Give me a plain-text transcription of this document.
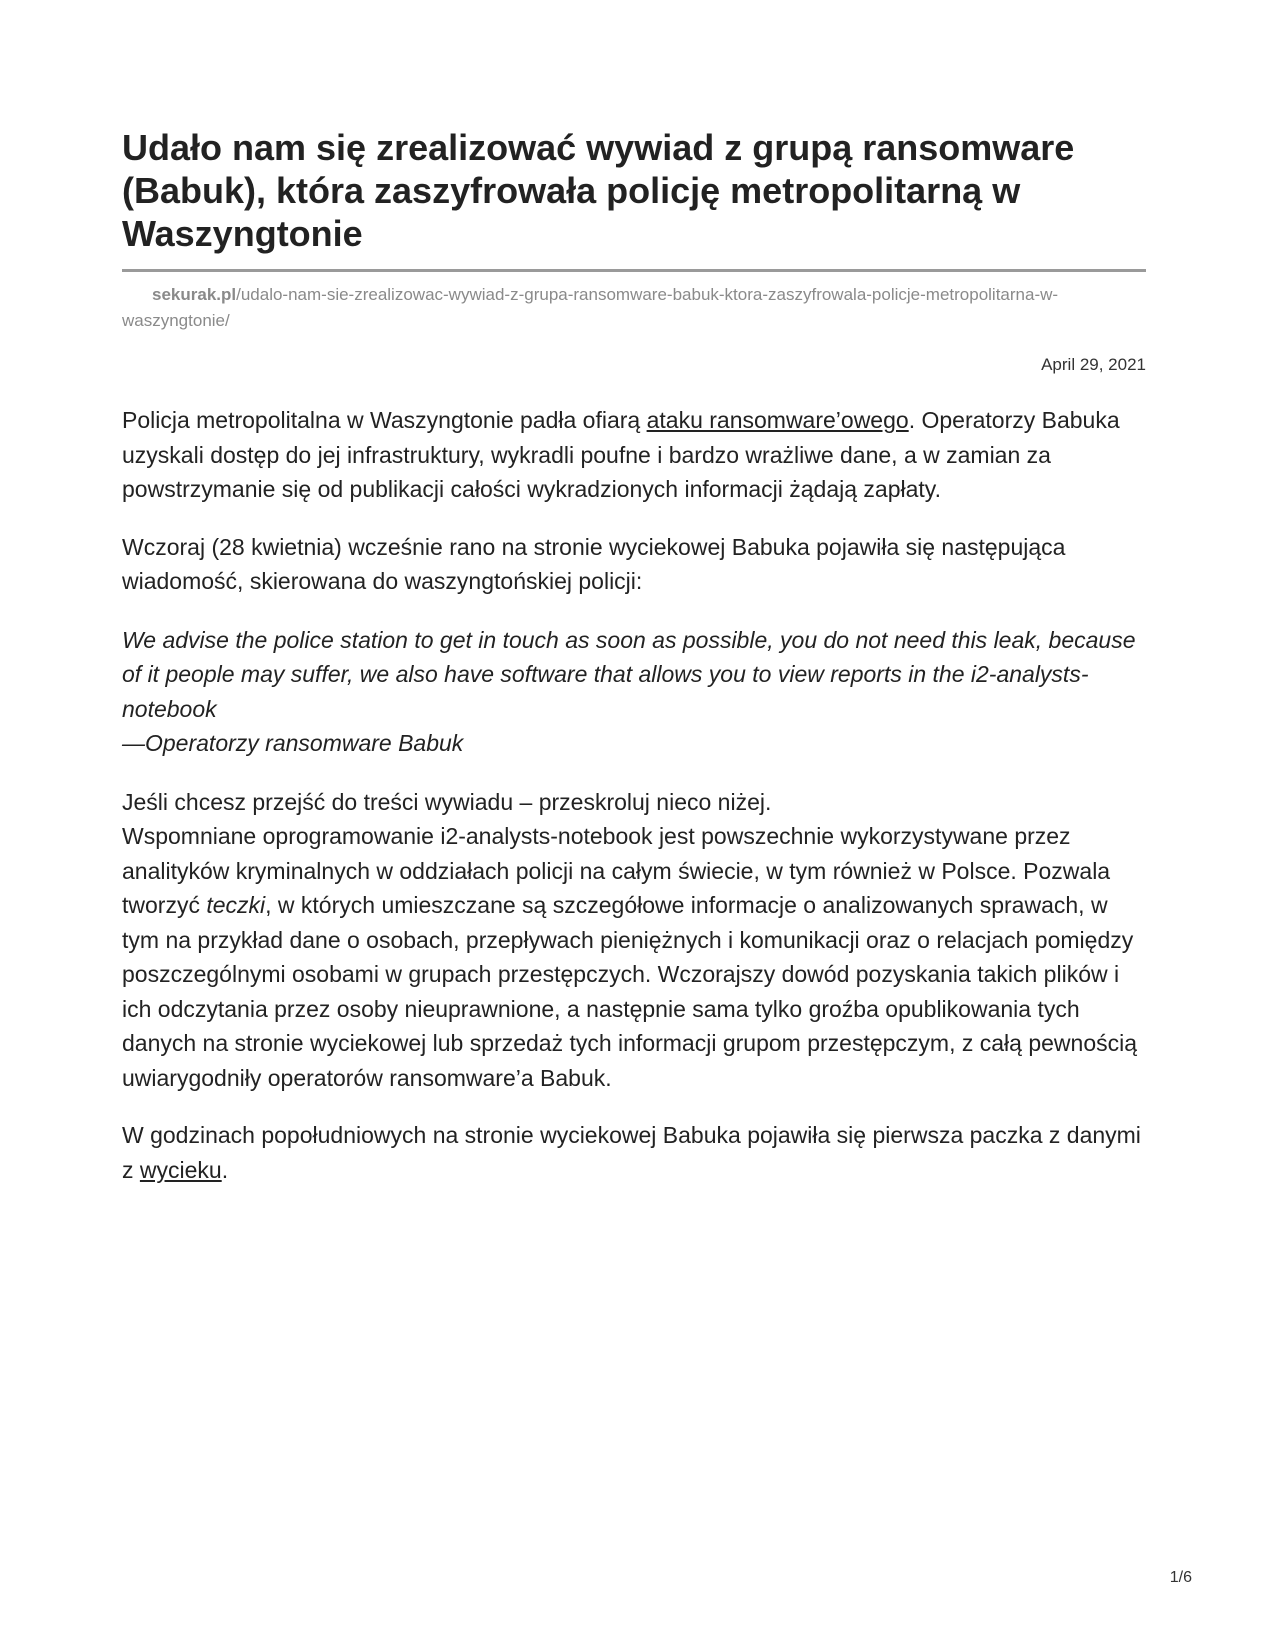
Udało nam się zrealizować wywiad z grupą ransomware (Babuk), która zaszyfrowała policję metropolitarną w Waszyngtonie
sekurak.pl/udalo-nam-sie-zrealizowac-wywiad-z-grupa-ransomware-babuk-ktora-zaszyfrowala-policje-metropolitarna-w-waszyngtonie/
April 29, 2021

Policja metropolitalna w Waszyngtonie padła ofiarą ataku ransomware’owego. Operatorzy Babuka uzyskali dostęp do jej infrastruktury, wykradli poufne i bardzo wrażliwe dane, a w zamian za powstrzymanie się od publikacji całości wykradzionych informacji żądają zapłaty.

Wczoraj (28 kwietnia) wcześnie rano na stronie wyciekowej Babuka pojawiła się następująca wiadomość, skierowana do waszyngtońskiej policji:

We advise the police station to get in touch as soon as possible, you do not need this leak, because of it people may suffer, we also have software that allows you to view reports in the i2-analysts-notebook
—Operatorzy ransomware Babuk

Jeśli chcesz przejść do treści wywiadu – przeskroluj nieco niżej.
Wspomniane oprogramowanie i2-analysts-notebook jest powszechnie wykorzystywane przez analityków kryminalnych w oddziałach policji na całym świecie, w tym również w Polsce. Pozwala tworzyć teczki, w których umieszczane są szczegółowe informacje o analizowanych sprawach, w tym na przykład dane o osobach, przepływach pieniężnych i komunikacji oraz o relacjach pomiędzy poszczególnymi osobami w grupach przestępczych. Wczorajszy dowód pozyskania takich plików i ich odczytania przez osoby nieuprawnione, a następnie sama tylko groźba opublikowania tych danych na stronie wyciekowej lub sprzedaż tych informacji grupom przestępczym, z całą pewnością uwiarygodniły operatorów ransomware’a Babuk.

W godzinach popołudniowych na stronie wyciekowej Babuka pojawiła się pierwsza paczka z danymi z wycieku.

1/6
